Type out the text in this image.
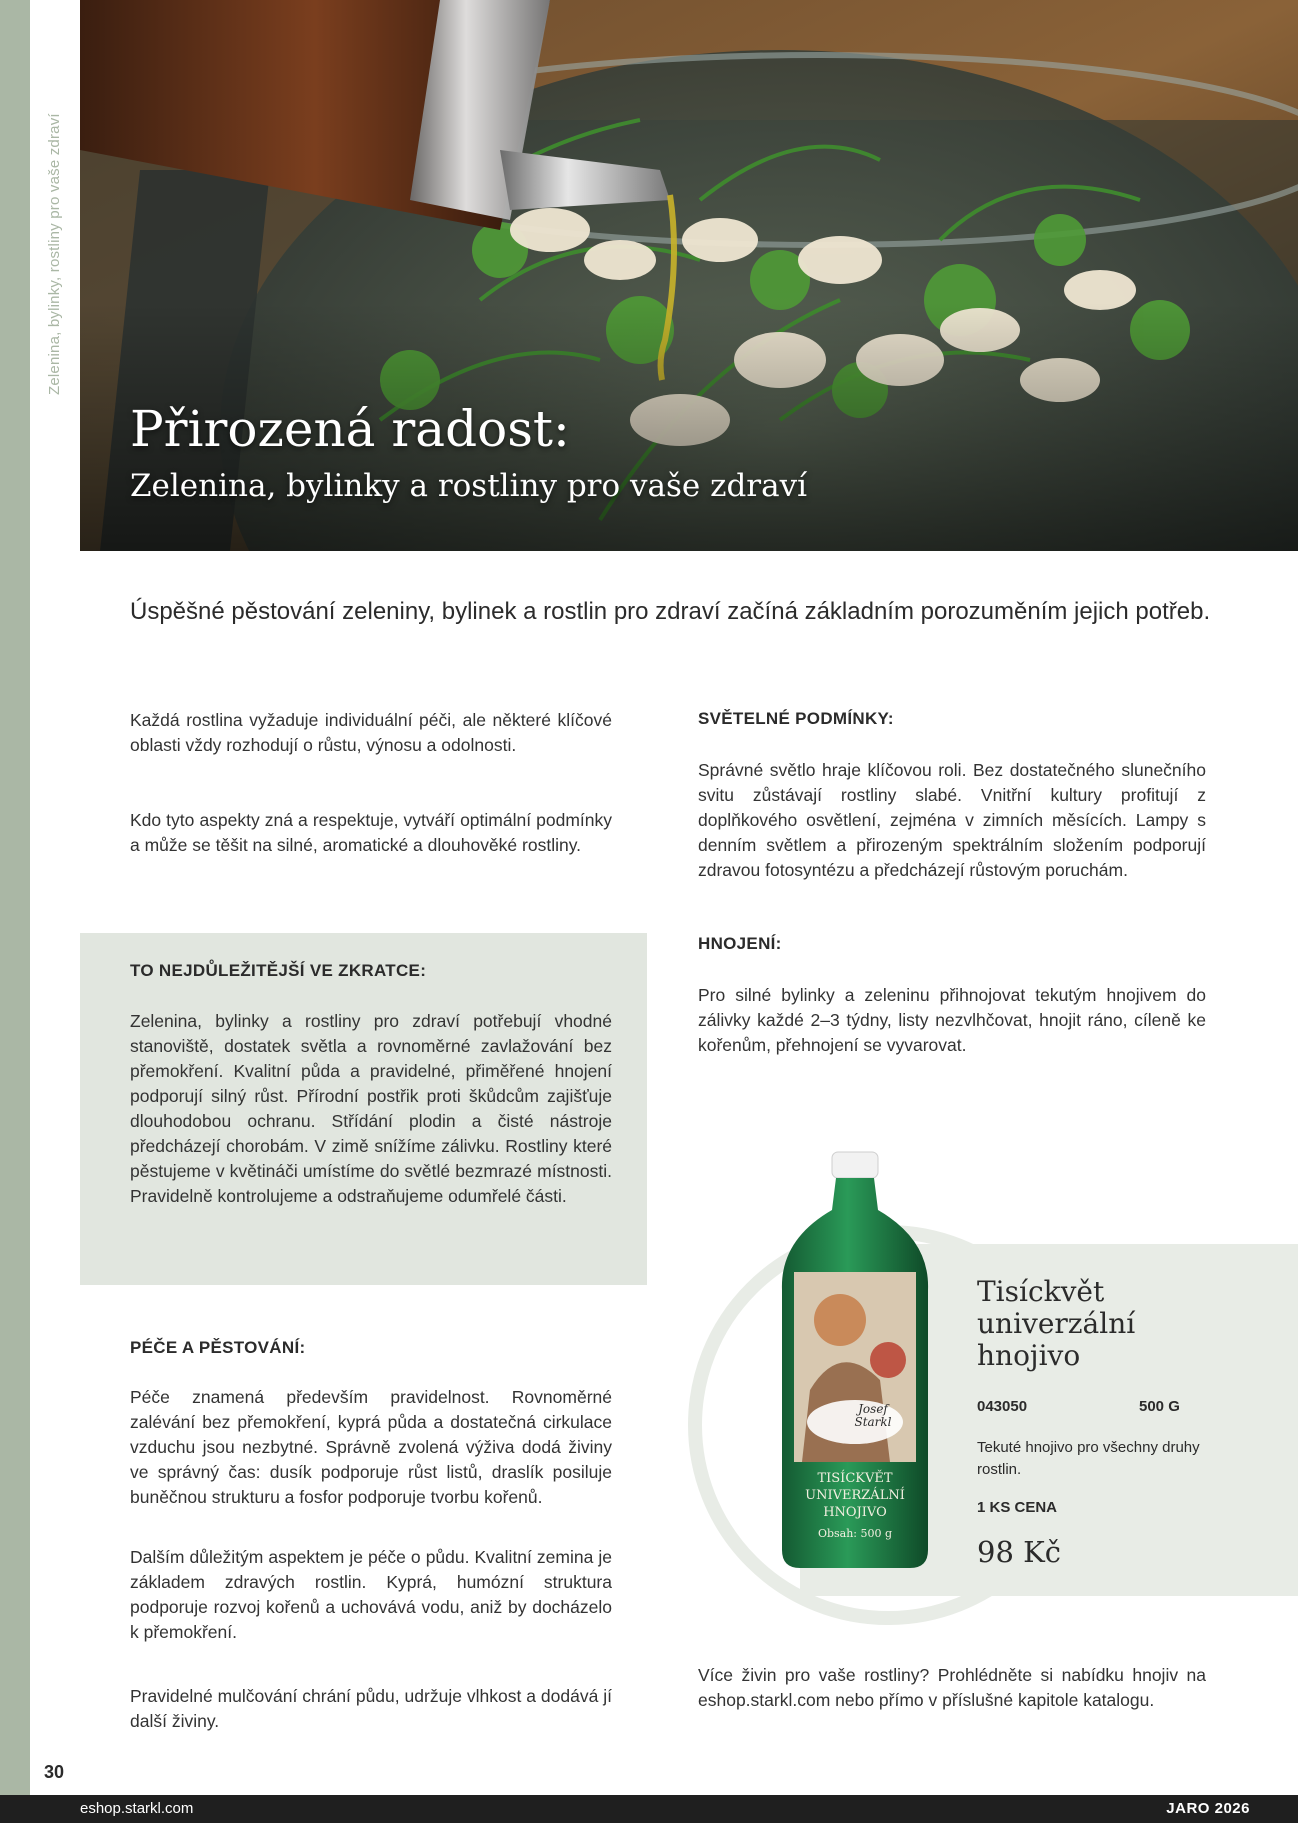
Zelenina, bylinky, rostliny pro vaše zdraví
Přirozená radost:
Zelenina, bylinky a rostliny pro vaše zdraví
Úspěšné pěstování zeleniny, bylinek a rostlin pro zdraví začíná základním porozuměním jejich potřeb.
Každá rostlina vyžaduje individuální péči, ale některé klíčové oblasti vždy rozhodují o růstu, výnosu a odolnosti.
Kdo tyto aspekty zná a respektuje, vytváří optimální podmínky a může se těšit na silné, aromatické a dlouhověké rostliny.
TO NEJDŮLEŽITĚJŠÍ VE ZKRATCE:
Zelenina, bylinky a rostliny pro zdraví potřebují vhodné stanoviště, dostatek světla a rovnoměrné zavlažování bez přemokření. Kvalitní půda a pravidelné, přiměřené hnojení podporují silný růst. Přírodní postřik proti škůdcům zajišťuje dlouhodobou ochranu. Střídání plodin a čisté nástroje předcházejí chorobám. V zimě snížíme zálivku. Rostliny které pěstujeme v květináči umístíme do světlé bezmrazé místnosti. Pravidelně kontrolujeme a odstraňujeme odumřelé části.
PÉČE A PĚSTOVÁNÍ:
Péče znamená především pravidelnost. Rovnoměrné zalévání bez přemokření, kyprá půda a dostatečná cirkulace vzduchu jsou nezbytné. Správně zvolená výživa dodá živiny ve správný čas: dusík podporuje růst listů, draslík posiluje buněčnou strukturu a fosfor podporuje tvorbu kořenů.
Dalším důležitým aspektem je péče o půdu. Kvalitní zemina je základem zdravých rostlin. Kyprá, humózní struktura podporuje rozvoj kořenů a uchovává vodu, aniž by docházelo k přemokření.
Pravidelné mulčování chrání půdu, udržuje vlhkost a dodává jí další živiny.
SVĚTELNÉ PODMÍNKY:
Správné světlo hraje klíčovou roli. Bez dostatečného slunečního svitu zůstávají rostliny slabé. Vnitřní kultury profitují z doplňkového osvětlení, zejména v zimních měsících. Lampy s denním světlem a přirozeným spektrálním složením podporují zdravou fotosyntézu a předcházejí růstovým poruchám.
HNOJENÍ:
Pro silné bylinky a zeleninu přihnojovat tekutým hnojivem do zálivky každé 2–3 týdny, listy nezvlhčovat, hnojit ráno, cíleně ke kořenům, přehnojení se vyvarovat.
Josef
Starkl
TISÍCKVĚT
UNIVERZÁLNÍ
HNOJIVO
Obsah: 500 g
Tisíckvět
univerzální
hnojivo
043050	500 G
Tekuté hnojivo pro všechny druhy rostlin.
1 KS CENA
98 Kč
Více živin pro vaše rostliny? Prohlédněte si nabídku hnojiv na eshop.starkl.com nebo přímo v příslušné kapitole katalogu.
30
eshop.starkl.com	JARO 2026
